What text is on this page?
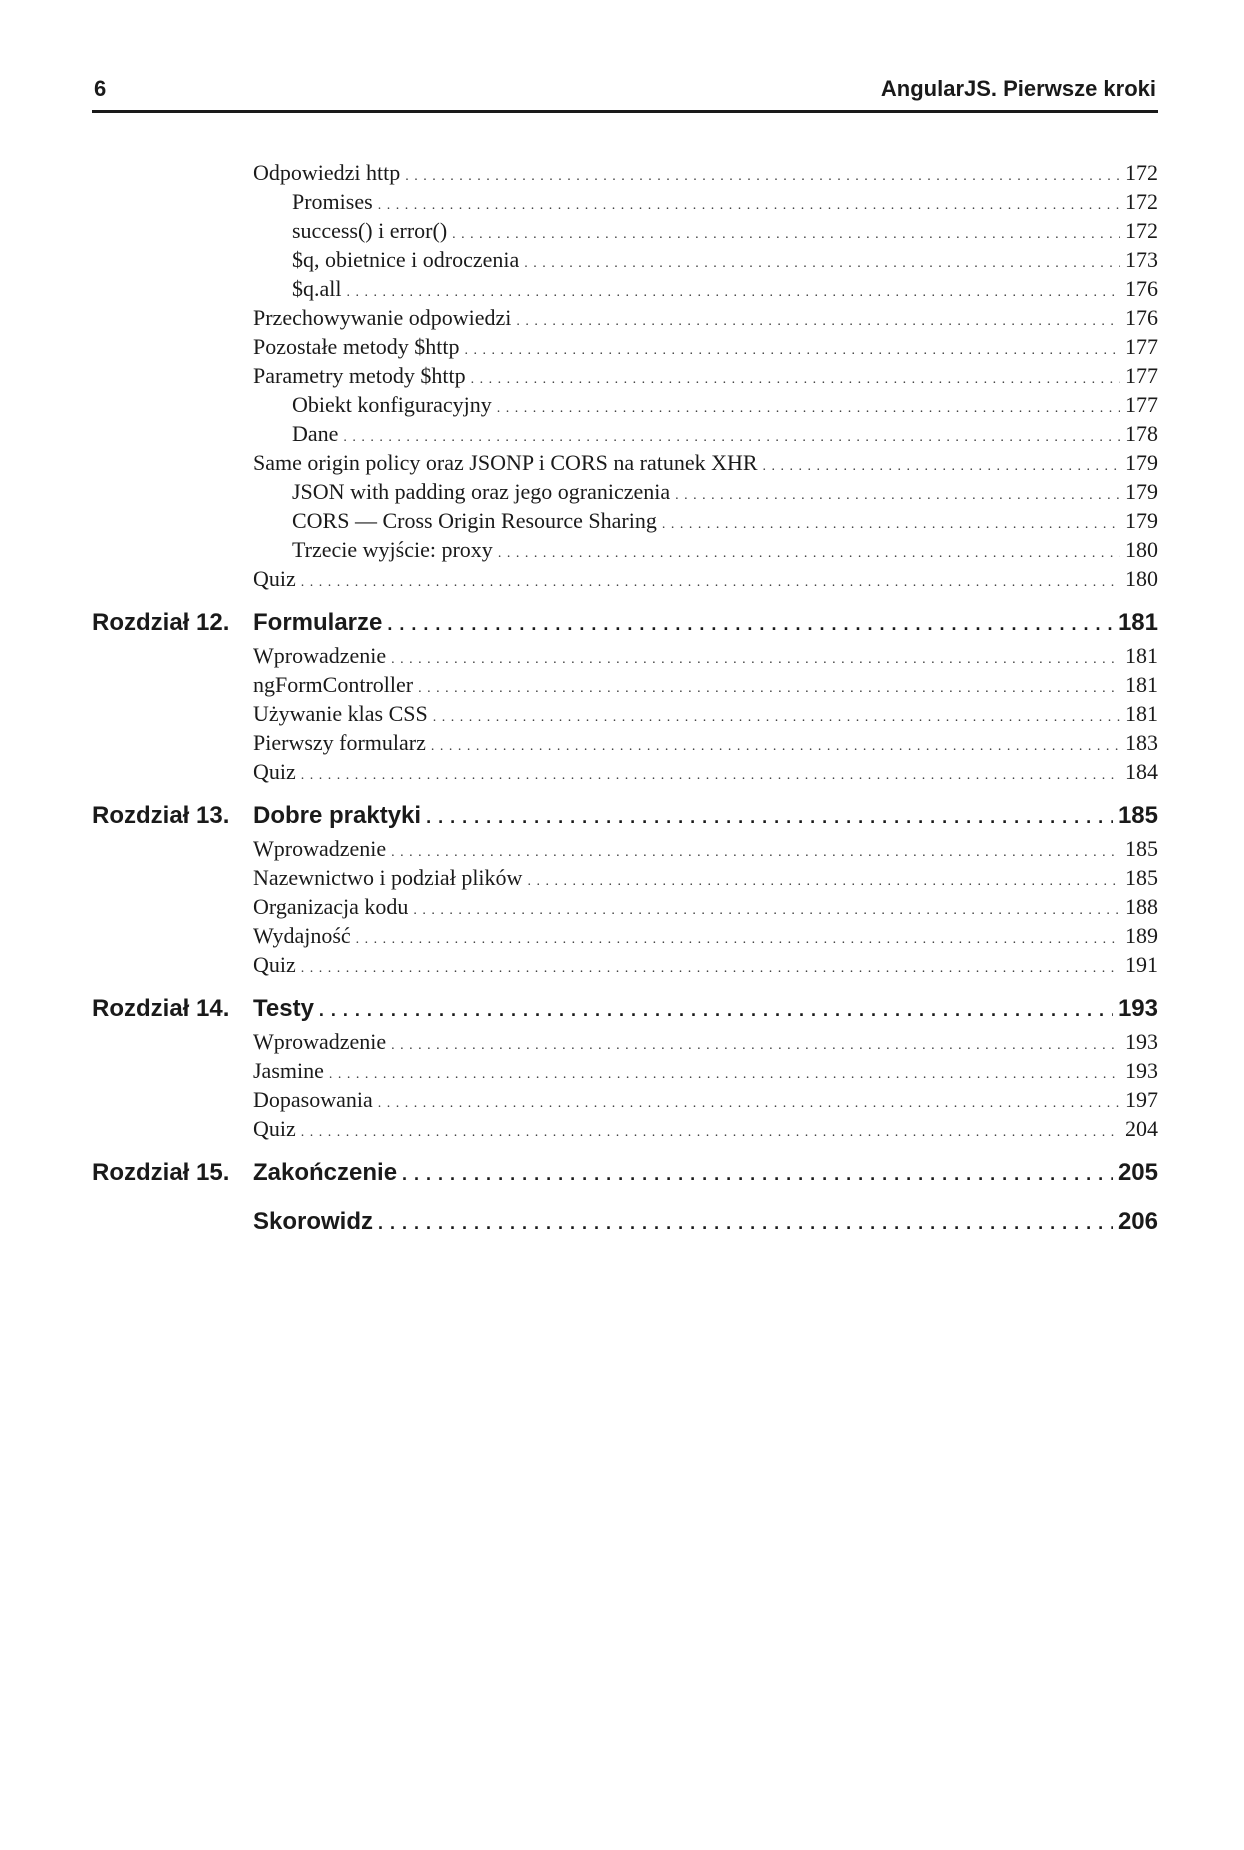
6	AngularJS. Pierwsze kroki
Odpowiedzi http . . .	172
Promises . . .	172
success() i error() . . .	172
$q, obietnice i odroczenia . . .	173
$q.all . . .	176
Przechowywanie odpowiedzi . . .	176
Pozostałe metody $http . . .	177
Parametry metody $http . . .	177
Obiekt konfiguracyjny . . .	177
Dane . . .	178
Same origin policy oraz JSONP i CORS na ratunek XHR . . .	179
JSON with padding oraz jego ograniczenia . . .	179
CORS — Cross Origin Resource Sharing . . .	179
Trzecie wyjście: proxy . . .	180
Quiz . . .	180
Rozdział 12. Formularze . . .	181
Wprowadzenie . . .	181
ngFormController . . .	181
Używanie klas CSS . . .	181
Pierwszy formularz . . .	183
Quiz . . .	184
Rozdział 13. Dobre praktyki . . .	185
Wprowadzenie . . .	185
Nazewnictwo i podział plików . . .	185
Organizacja kodu . . .	188
Wydajność . . .	189
Quiz . . .	191
Rozdział 14. Testy . . .	193
Wprowadzenie . . .	193
Jasmine . . .	193
Dopasowania . . .	197
Quiz . . .	204
Rozdział 15. Zakończenie . . .	205
Skorowidz . . .	206
